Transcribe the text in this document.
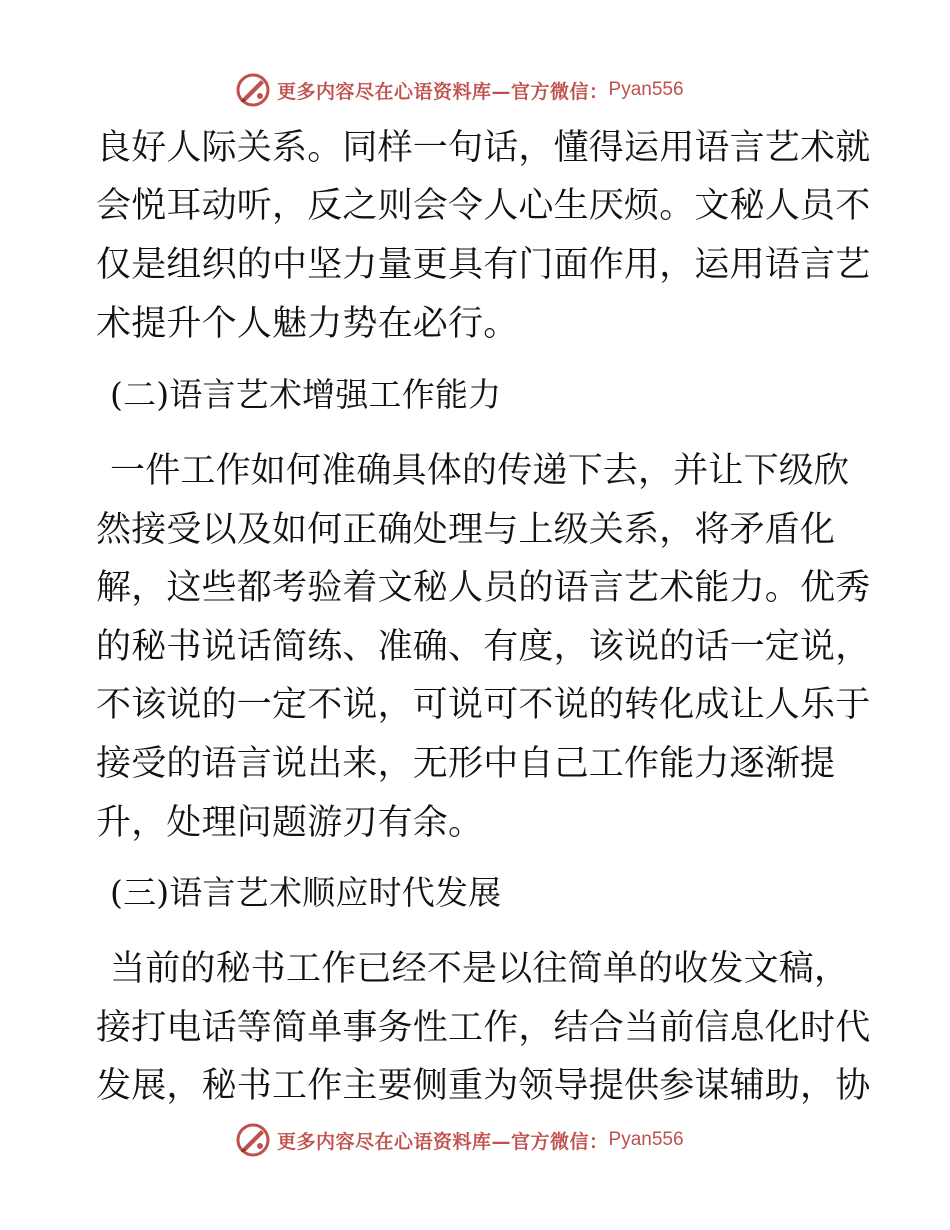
更多内容尽在心语资料库—官方微信： Pyan556
良好人际关系。同样一句话，懂得运用语言艺术就
会悦耳动听，反之则会令人心生厌烦。文秘人员不
仅是组织的中坚力量更具有门面作用，运用语言艺
术提升个人魅力势在必行。
(二)语言艺术增强工作能力
一件工作如何准确具体的传递下去，并让下级欣
然接受以及如何正确处理与上级关系，将矛盾化
解，这些都考验着文秘人员的语言艺术能力。优秀
的秘书说话简练、准确、有度，该说的话一定说，
不该说的一定不说，可说可不说的转化成让人乐于
接受的语言说出来，无形中自己工作能力逐渐提
升，处理问题游刃有余。
(三)语言艺术顺应时代发展
当前的秘书工作已经不是以往简单的收发文稿，
接打电话等简单事务性工作，结合当前信息化时代
发展，秘书工作主要侧重为领导提供参谋辅助，协
更多内容尽在心语资料库—官方微信： Pyan556
